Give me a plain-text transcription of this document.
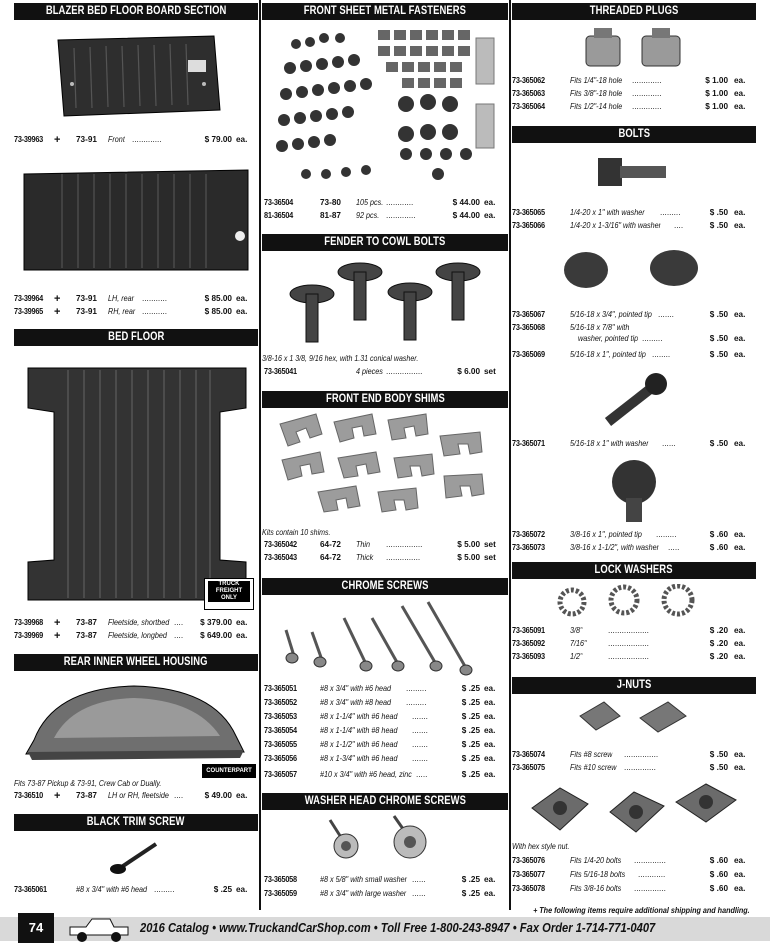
BLAZER BED FLOOR BOARD SECTION
73-39963 + 73-91 Front .............	$ 79.00 ea.
73-39964 + 73-91 LH, rear ...........	$ 85.00 ea.
73-39965 + 73-91 RH, rear ...........	$ 85.00 ea.
BED FLOOR
TRUCK FREIGHT ONLY
73-39968 + 73-87 Fleetside, shortbed ....	$ 379.00 ea.
73-39969 + 73-87 Fleetside, longbed ....	$ 649.00 ea.
REAR INNER WHEEL HOUSING
COUNTERPART
Fits 73-87 Pickup & 73-91, Crew Cab or Dually.
73-36510 + 73-87 LH or RH, fleetside ....	$ 49.00 ea.
BLACK TRIM SCREW
73-365061	#8 x 3/4" with #6 head .........	$ .25 ea.
FRONT SHEET METAL FASTENERS
73-36504	73-80 105 pcs. ............	$ 44.00 ea.
81-36504	81-87 92 pcs. .............	$ 44.00 ea.
FENDER TO COWL BOLTS
3/8-16 x 1 3/8, 9/16 hex, with 1.31 conical washer.
73-365041	4 pieces ................	$ 6.00 set
FRONT END BODY SHIMS
Kits contain 10 shims.
73-365042	64-72 Thin ................	$ 5.00 set
73-365043	64-72 Thick ...............	$ 5.00 set
CHROME SCREWS
73-365051	#8 x 3/4" with #6 head .........	$ .25 ea.
73-365052	#8 x 3/4" with #8 head .........	$ .25 ea.
73-365053	#8 x 1-1/4" with #6 head .......	$ .25 ea.
73-365054	#8 x 1-1/4" with #8 head .......	$ .25 ea.
73-365055	#8 x 1-1/2" with #6 head .......	$ .25 ea.
73-365056	#8 x 1-3/4" with #6 head .......	$ .25 ea.
73-365057	#10 x 3/4" with #6 head, zinc .....	$ .25 ea.
WASHER HEAD CHROME SCREWS
73-365058	#8 x 5/8" with small washer ......	$ .25 ea.
73-365059	#8 x 3/4" with large washer ......	$ .25 ea.
THREADED PLUGS
73-365062	Fits 1/4"-18 hole .............	$ 1.00 ea.
73-365063	Fits 3/8"-18 hole .............	$ 1.00 ea.
73-365064	Fits 1/2"-14 hole .............	$ 1.00 ea.
BOLTS
73-365065	1/4-20 x 1" with washer .........	$ .50 ea.
73-365066	1/4-20 x 1-3/16" with washer ....	$ .50 ea.
73-365067	5/16-18 x 3/4", pointed tip .......	$ .50 ea.
73-365068	5/16-18 x 7/8" with
washer, pointed tip .........	$ .50 ea.
73-365069	5/16-18 x 1", pointed tip ........	$ .50 ea.
73-365071	5/16-18 x 1" with washer ......	$ .50 ea.
73-365072	3/8-16 x 1", pointed tip .........	$ .60 ea.
73-365073	3/8-16 x 1-1/2", with washer .....	$ .60 ea.
LOCK WASHERS
73-365091	3/8"	..................	$ .20 ea.
73-365092	7/16"	..................	$ .20 ea.
73-365093	1/2"	..................	$ .20 ea.
J-NUTS
73-365074	Fits #8 screw ...............	$ .50 ea.
73-365075	Fits #10 screw ..............	$ .50 ea.
With hex style nut.
73-365076	Fits 1/4-20 bolts ..............	$ .60 ea.
73-365077	Fits 5/16-18 bolts ............	$ .60 ea.
73-365078	Fits 3/8-16 bolts ..............	$ .60 ea.
+ The following items require additional shipping and handling.
74	2016 Catalog • www.TruckandCarShop.com • Toll Free 1-800-243-8947 • Fax Order 1-714-771-0407
